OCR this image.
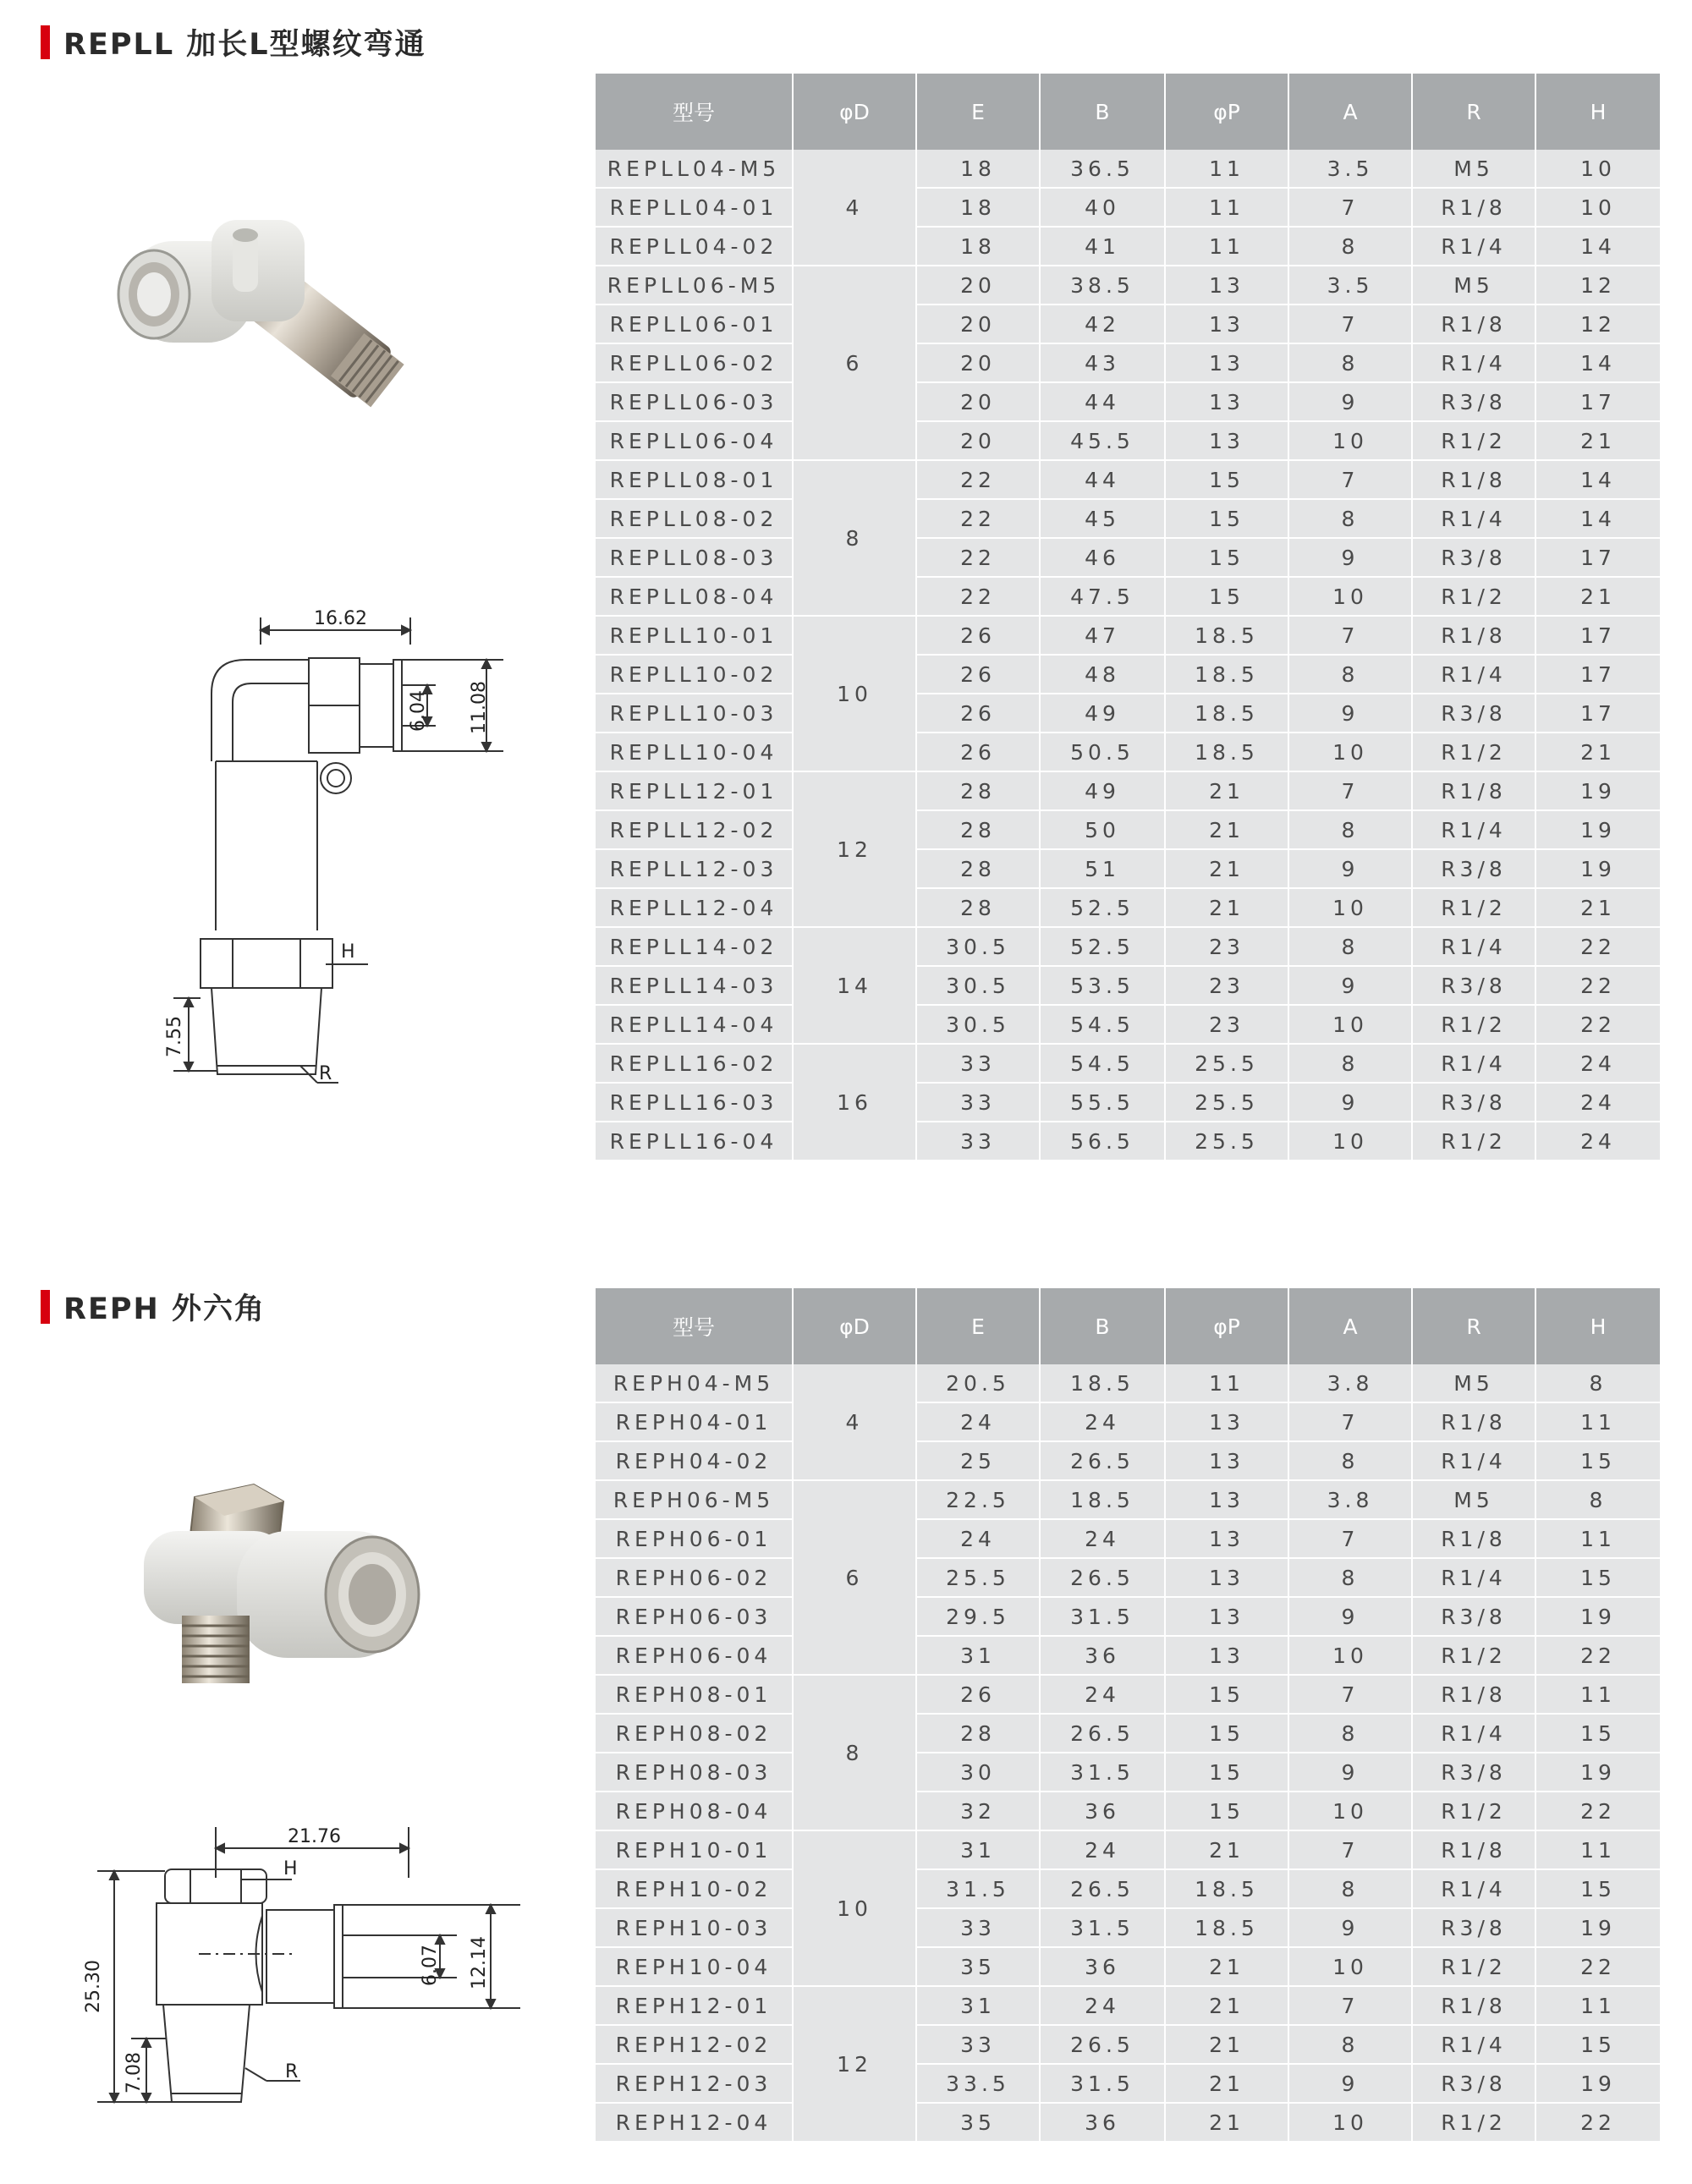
REPLL 加长L型螺纹弯通
16.62
6.04 11.08
7.55
H
R
型号	φD	E	B	φP	A	R	H
REPLL04-M5	4	18	36.5	11	3.5	M5	10
REPLL04-01		18	40	11	7	R1/8	10
REPLL04-02		18	41	11	8	R1/4	14
REPLL06-M5	6	20	38.5	13	3.5	M5	12
REPLL06-01		20	42	13	7	R1/8	12
REPLL06-02		20	43	13	8	R1/4	14
REPLL06-03		20	44	13	9	R3/8	17
REPLL06-04		20	45.5	13	10	R1/2	21
REPLL08-01	8	22	44	15	7	R1/8	14
REPLL08-02		22	45	15	8	R1/4	14
REPLL08-03		22	46	15	9	R3/8	17
REPLL08-04		22	47.5	15	10	R1/2	21
REPLL10-01	10	26	47	18.5	7	R1/8	17
REPLL10-02		26	48	18.5	8	R1/4	17
REPLL10-03		26	49	18.5	9	R3/8	17
REPLL10-04		26	50.5	18.5	10	R1/2	21
REPLL12-01	12	28	49	21	7	R1/8	19
REPLL12-02		28	50	21	8	R1/4	19
REPLL12-03		28	51	21	9	R3/8	19
REPLL12-04		28	52.5	21	10	R1/2	21
REPLL14-02	14	30.5	52.5	23	8	R1/4	22
REPLL14-03		30.5	53.5	23	9	R3/8	22
REPLL14-04		30.5	54.5	23	10	R1/2	22
REPLL16-02	16	33	54.5	25.5	8	R1/4	24
REPLL16-03		33	55.5	25.5	9	R3/8	24
REPLL16-04		33	56.5	25.5	10	R1/2	24
REPH 外六角
21.76
25.30
7.08
6.07 12.14
H
R
型号	φD	E	B	φP	A	R	H
REPH04-M5	4	20.5	18.5	11	3.8	M5	8
REPH04-01		24	24	13	7	R1/8	11
REPH04-02		25	26.5	13	8	R1/4	15
REPH06-M5	6	22.5	18.5	13	3.8	M5	8
REPH06-01		24	24	13	7	R1/8	11
REPH06-02		25.5	26.5	13	8	R1/4	15
REPH06-03		29.5	31.5	13	9	R3/8	19
REPH06-04		31	36	13	10	R1/2	22
REPH08-01	8	26	24	15	7	R1/8	11
REPH08-02		28	26.5	15	8	R1/4	15
REPH08-03		30	31.5	15	9	R3/8	19
REPH08-04		32	36	15	10	R1/2	22
REPH10-01	10	31	24	21	7	R1/8	11
REPH10-02		31.5	26.5	18.5	8	R1/4	15
REPH10-03		33	31.5	18.5	9	R3/8	19
REPH10-04		35	36	21	10	R1/2	22
REPH12-01	12	31	24	21	7	R1/8	11
REPH12-02		33	26.5	21	8	R1/4	15
REPH12-03		33.5	31.5	21	9	R3/8	19
REPH12-04		35	36	21	10	R1/2	22
